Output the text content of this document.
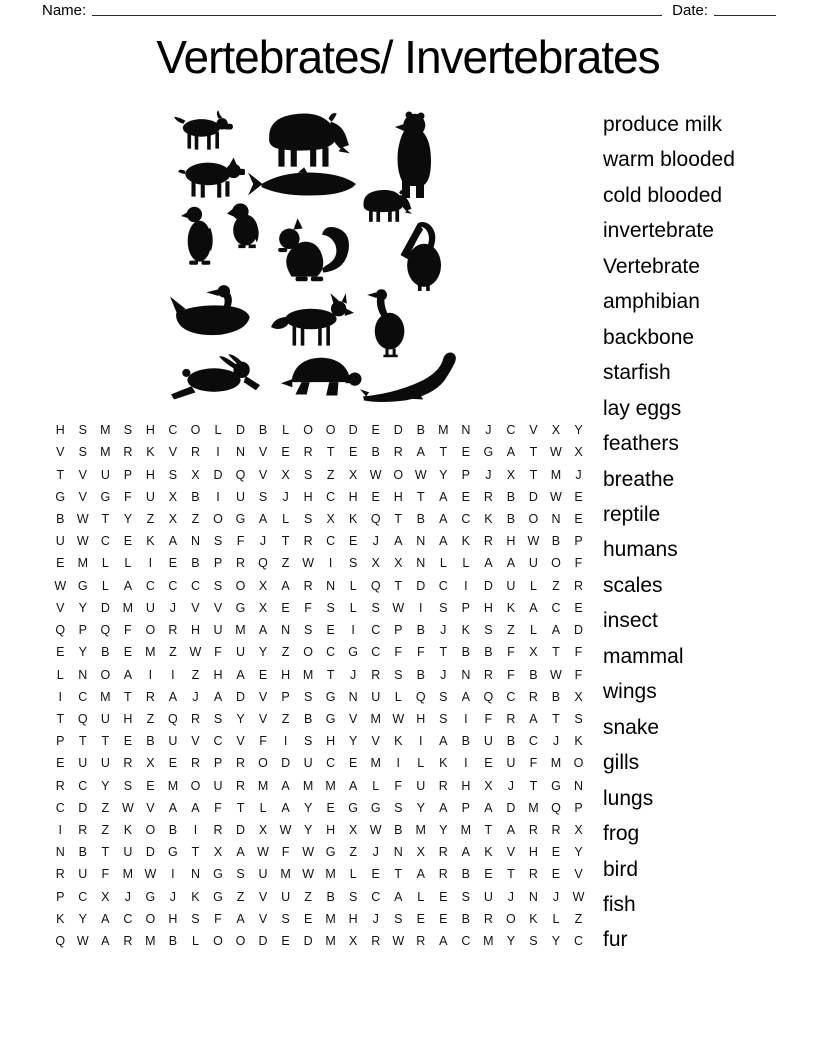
Name:	Date:
Vertebrates/ Invertebrates
H	S	M	S	H	C	O	L	D	B	L	O	O	D	E	D	B	M	N	J	C	V	X	Y
V	S	M	R	K	V	R	I	N	V	E	R	T	E	B	R	A	T	E	G	A	T	W X
T	V	U	P	H	S	X	D	Q	V	X	S	Z	X W O W Y	P	J	X	T	M	J
G	V	G	F	U	X	B	I	U	S	J	H	C	H	E	H	T	A	E	R	B	D W E
B W	T	Y	Z	X	Z	O	G	A	L	S	X	K	Q	T	B	A	C	K	B	O	N	E
U W C	E	K	A	N	S	F	J	T	R	C	E	J	A	N	A	K	R	H W B	P
E	M	L	L	I	E	B	P	R	Q	Z	W	I	S	X	X	N	L	L	A	A	U	O	F
W G	L	A	C	C	C	S	O	X	A	R	N	L	Q	T	D	C	I	D	U	L	Z	R
V	Y	D	M	U	J	V	V	G	X	E	F	S	L	S W	I	S	P	H	K	A	C	E
Q	P	Q	F	O	R	H	U	M	A	N	S	E	I	C	P	B	J	K	S	Z	L	A	D
E	Y	B	E	M	Z	W	F	U	Y	Z	O	C	G	C	F	F	T	B	B	F	X	T	F
L	N	O	A	I	I	Z	H	A	E	H	M	T	J	R	S	B	J	N	R	F	B W	F
I	C	M	T	R	A	J	A	D	V	P	S	G	N	U	L	Q	S	A	Q	C	R	B	X
T	Q	U	H	Z	Q	R	S	Y	V	Z	B	G	V	M W H	S	I	F	R	A	T	S
P	T	T	E	B	U	V	C	V	F	I	S	H	Y	V	K	I	A	B	U	B	C	J	K
E	U	U	R	X	E	R	P	R	O	D	U	C	E	M	I	L	K	I	E	U	F	M O
R	C	Y	S	E	M O	U	R	M	A	M M	A	L	F	U	R	H	X	J	T	G	N
C	D	Z	W V	A	A	F	T	L	A	Y	E	G	G	S	Y	A	P	A	D	M Q	P
I	R	Z	K	O	B	I	R	D	X W Y	H	X W B	M	Y	M	T	A	R	R	X
N	B	T	U	D	G	T	X	A W	F	W G	Z	J	N	X	R	A	K	V	H	E	Y
R	U	F	M W	I	N	G	S	U	M W M	L	E	T	A	R	B	E	T	R	E	V
P	C	X	J	G	J	K	G	Z	V	U	Z	B	S	C	A	L	E	S	U	J	N	J	W
K	Y	A	C	O	H	S	F	A	V	S	E	M	H	J	S	E	E	B	R	O	K	L	Z
Q W A	R	M	B	L	O	O	D	E	D	M	X	R W R	A	C	M	Y	S	Y	C
produce milk
warm blooded
cold blooded
invertebrate
Vertebrate
amphibian
backbone
starfish
lay eggs
feathers
breathe
reptile
humans
scales
insect
mammal
wings
snake
gills
lungs
frog
bird
fish
fur
